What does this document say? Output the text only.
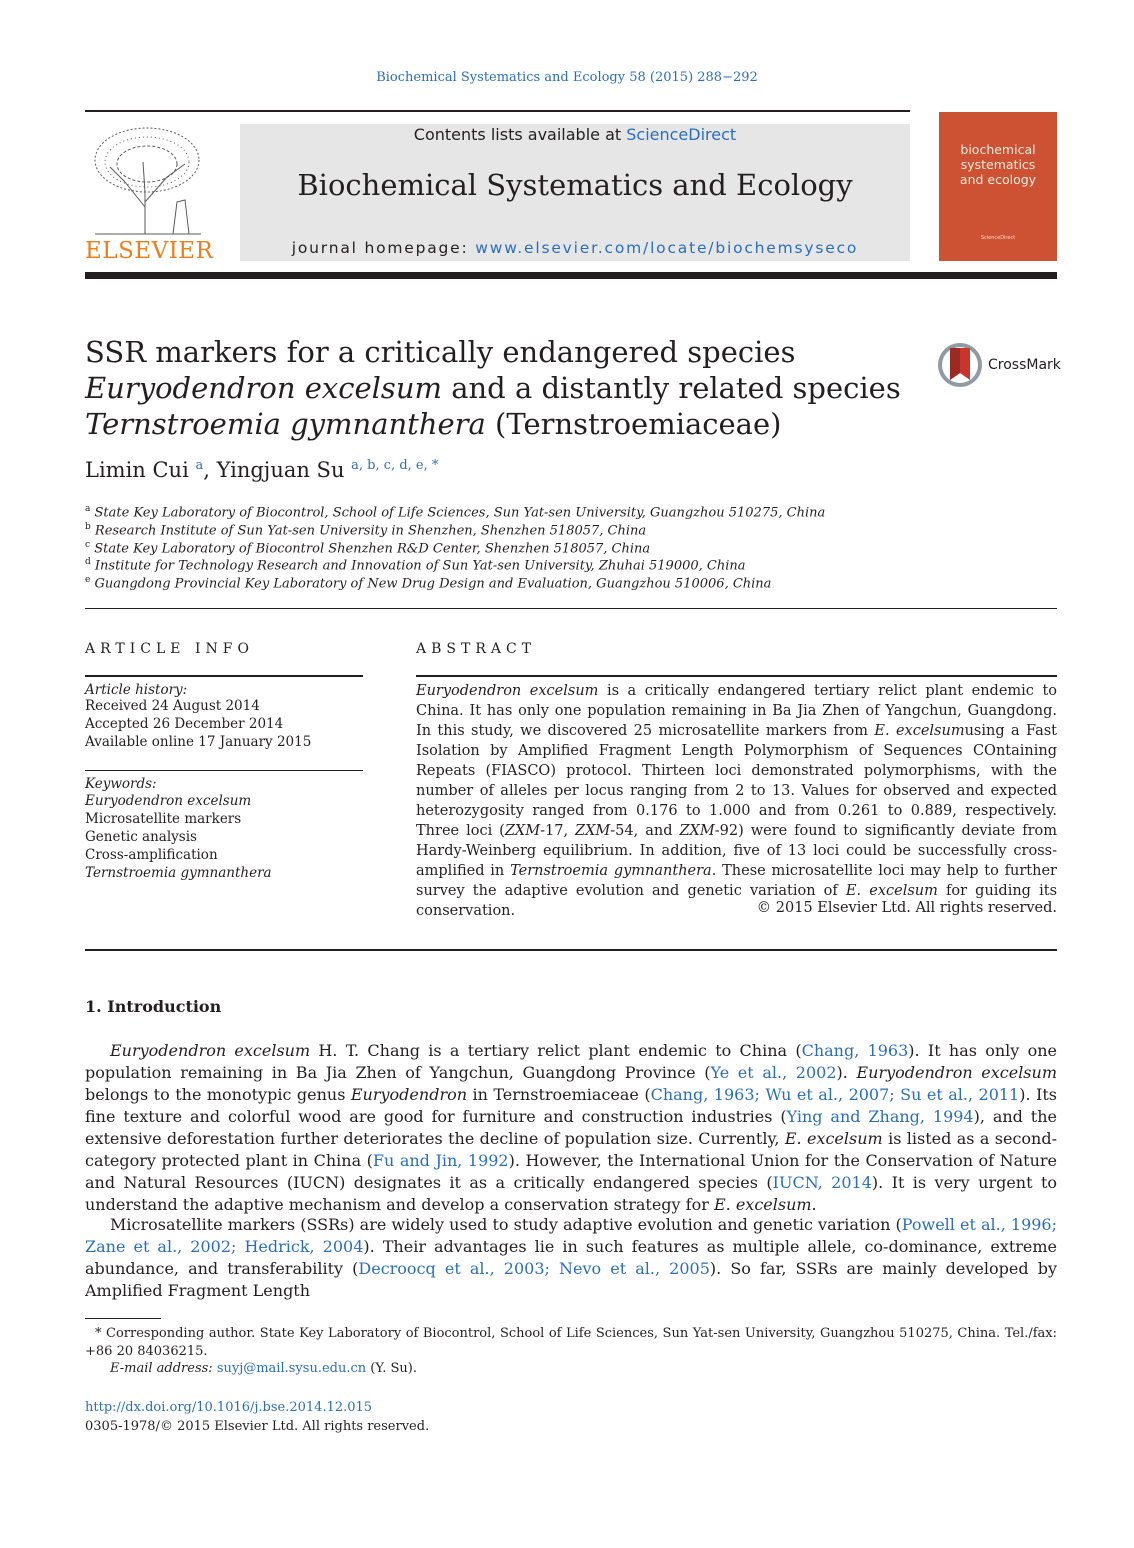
Biochemical Systematics and Ecology 58 (2015) 288−292
ELSEVIER
Contents lists available at ScienceDirect
Biochemical Systematics and Ecology
journal homepage: www.elsevier.com/locate/biochemsyseco
biochemical
systematics
and ecology
ScienceDirect
SSR markers for a critically endangered species Euryodendron excelsum and a distantly related species Ternstroemia gymnanthera (Ternstroemiaceae)
CrossMark
Limin Cui $^a$, Yingjuan Su $^{a, b, c, d, e, *}$
$^a$ State Key Laboratory of Biocontrol, School of Life Sciences, Sun Yat-sen University, Guangzhou 510275, China
$^b$ Research Institute of Sun Yat-sen University in Shenzhen, Shenzhen 518057, China
$^c$ State Key Laboratory of Biocontrol Shenzhen R&D Center, Shenzhen 518057, China
$^d$ Institute for Technology Research and Innovation of Sun Yat-sen University, Zhuhai 519000, China
$^e$ Guangdong Provincial Key Laboratory of New Drug Design and Evaluation, Guangzhou 510006, China
ARTICLE INFO
Article history:
Received 24 August 2014
Accepted 26 December 2014
Available online 17 January 2015
Keywords:
Euryodendron excelsum
Microsatellite markers
Genetic analysis
Cross-amplification
Ternstroemia gymnanthera
ABSTRACT
Euryodendron excelsum is a critically endangered tertiary relict plant endemic to China. It has only one population remaining in Ba Jia Zhen of Yangchun, Guangdong. In this study, we discovered 25 microsatellite markers from E. excelsumusing a Fast Isolation by Amplified Fragment Length Polymorphism of Sequences COntaining Repeats (FIASCO) protocol. Thirteen loci demonstrated polymorphisms, with the number of alleles per locus ranging from 2 to 13. Values for observed and expected heterozygosity ranged from 0.176 to 1.000 and from 0.261 to 0.889, respectively. Three loci (ZXM-17, ZXM-54, and ZXM-92) were found to significantly deviate from Hardy-Weinberg equilibrium. In addition, five of 13 loci could be successfully cross-amplified in Ternstroemia gymnanthera. These microsatellite loci may help to further survey the adaptive evolution and genetic variation of E. excelsum for guiding its conservation.	© 2015 Elsevier Ltd. All rights reserved.
1. Introduction
Euryodendron excelsum H. T. Chang is a tertiary relict plant endemic to China (Chang, 1963). It has only one population remaining in Ba Jia Zhen of Yangchun, Guangdong Province (Ye et al., 2002). Euryodendron excelsum belongs to the monotypic genus Euryodendron in Ternstroemiaceae (Chang, 1963; Wu et al., 2007; Su et al., 2011). Its fine texture and colorful wood are good for furniture and construction industries (Ying and Zhang, 1994), and the extensive deforestation further deteriorates the decline of population size. Currently, E. excelsum is listed as a second-category protected plant in China (Fu and Jin, 1992). However, the International Union for the Conservation of Nature and Natural Resources (IUCN) designates it as a critically endangered species (IUCN, 2014). It is very urgent to understand the adaptive mechanism and develop a conservation strategy for E. excelsum.
Microsatellite markers (SSRs) are widely used to study adaptive evolution and genetic variation (Powell et al., 1996; Zane et al., 2002; Hedrick, 2004). Their advantages lie in such features as multiple allele, co-dominance, extreme abundance, and transferability (Decroocq et al., 2003; Nevo et al., 2005). So far, SSRs are mainly developed by Amplified Fragment Length
* Corresponding author. State Key Laboratory of Biocontrol, School of Life Sciences, Sun Yat-sen University, Guangzhou 510275, China. Tel./fax: +86 20 84036215.
E-mail address: suyj@mail.sysu.edu.cn (Y. Su).
http://dx.doi.org/10.1016/j.bse.2014.12.015
0305-1978/© 2015 Elsevier Ltd. All rights reserved.
